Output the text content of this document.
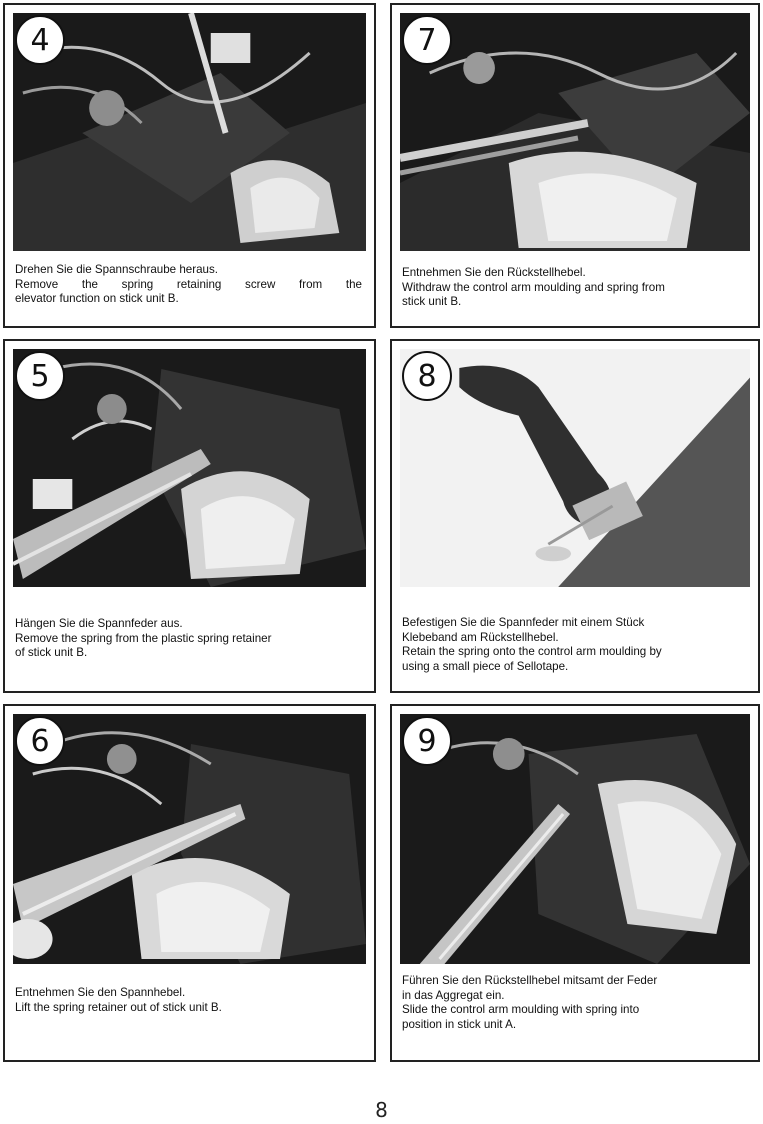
4
Drehen Sie die Spannschraube heraus.
Remove the spring retaining screw from the
elevator function on stick unit B.
7
Entnehmen Sie den Rückstellhebel.
Withdraw the control arm moulding and spring from
stick unit B.
5
Hängen Sie die Spannfeder aus.
Remove the spring from the plastic spring retainer
of stick unit B.
8
Befestigen Sie die Spannfeder mit einem Stück
Klebeband am Rückstellhebel.
Retain the spring onto the control arm moulding by
using a small piece of Sellotape.
6
Entnehmen Sie den Spannhebel.
Lift the spring retainer out of stick unit B.
9
Führen Sie den Rückstellhebel mitsamt der Feder
in das Aggregat ein.
Slide the control arm moulding with spring into
position in stick unit A.
8
